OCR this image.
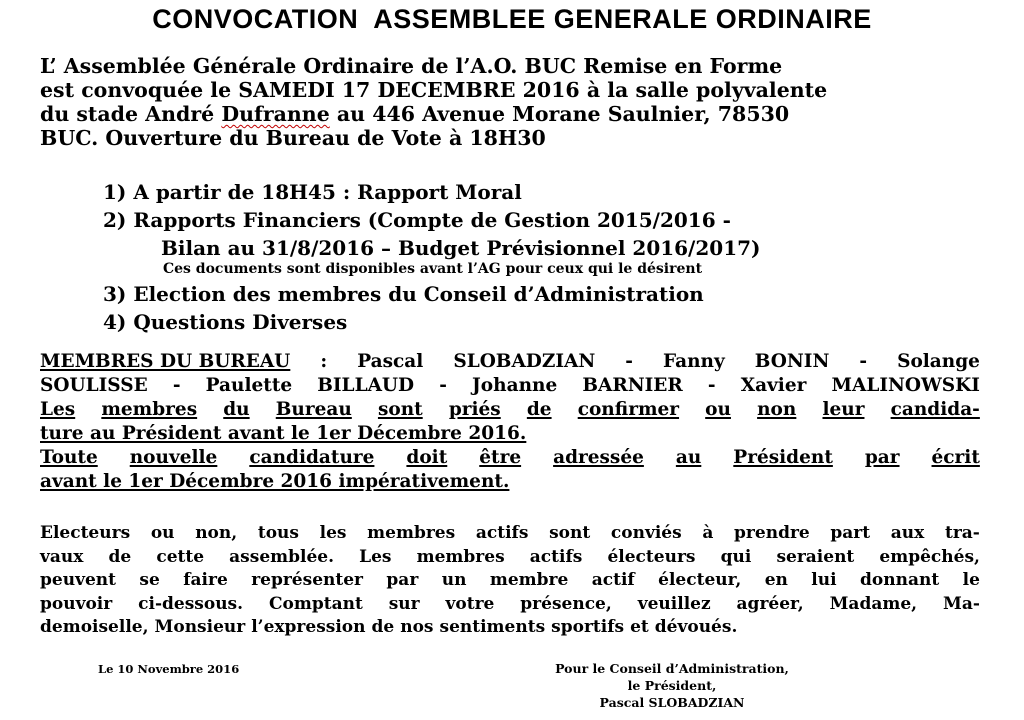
CONVOCATION  ASSEMBLEE GENERALE ORDINAIRE
L’ Assemblée Générale Ordinaire de l’A.O. BUC Remise en Forme
est convoquée le SAMEDI 17 DECEMBRE 2016 à la salle polyvalente
du stade André Dufranne au 446 Avenue Morane Saulnier, 78530
BUC. Ouverture du Bureau de Vote à 18H30
1) A partir de 18H45 : Rapport Moral
2) Rapports Financiers (Compte de Gestion 2015/2016 -
Bilan au 31/8/2016 – Budget Prévisionnel 2016/2017)
Ces documents sont disponibles avant l’AG pour ceux qui le désirent
3) Election des membres du Conseil d’Administration
4) Questions Diverses
MEMBRES DU BUREAU : Pascal SLOBADZIAN - Fanny BONIN - Solange
SOULISSE - Paulette BILLAUD - Johanne BARNIER - Xavier MALINOWSKI
Les membres du Bureau sont priés de confirmer ou non leur candida-
ture au Président avant le 1er Décembre 2016.
Toute nouvelle candidature doit être adressée au Président par écrit
avant le 1er Décembre 2016 impérativement.
Electeurs ou non, tous les membres actifs sont conviés à prendre part aux tra-
vaux de cette assemblée. Les membres actifs électeurs qui seraient empêchés,
peuvent se faire représenter par un membre actif électeur, en lui donnant le
pouvoir ci-dessous. Comptant sur votre présence, veuillez agréer, Madame, Ma-
demoiselle, Monsieur l’expression de nos sentiments sportifs et dévoués.
Le 10 Novembre 2016	Pour le Conseil d’Administration,
le Président,
Pascal SLOBADZIAN
